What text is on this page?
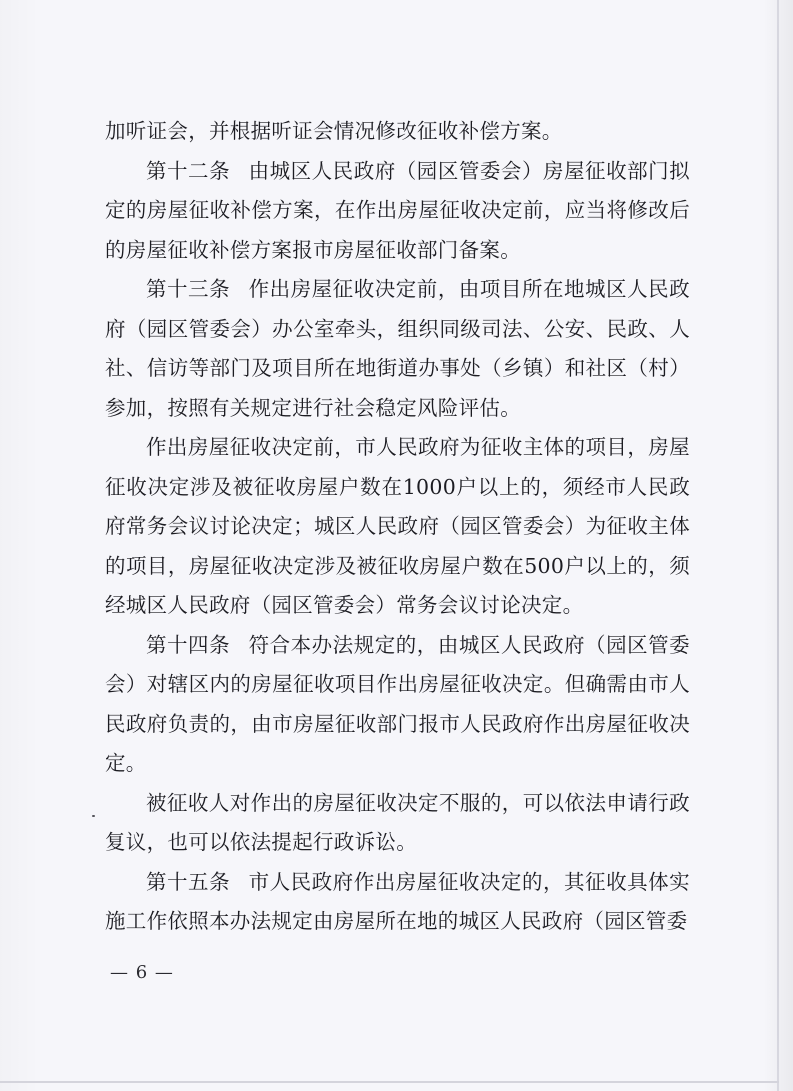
加听证会，并根据听证会情况修改征收补偿方案。

第十二条 由城区人民政府（园区管委会）房屋征收部门拟定的房屋征收补偿方案，在作出房屋征收决定前，应当将修改后的房屋征收补偿方案报市房屋征收部门备案。

第十三条 作出房屋征收决定前，由项目所在地城区人民政府（园区管委会）办公室牵头，组织同级司法、公安、民政、人社、信访等部门及项目所在地街道办事处（乡镇）和社区（村）参加，按照有关规定进行社会稳定风险评估。

作出房屋征收决定前，市人民政府为征收主体的项目，房屋征收决定涉及被征收房屋户数在1000户以上的，须经市人民政府常务会议讨论决定；城区人民政府（园区管委会）为征收主体的项目，房屋征收决定涉及被征收房屋户数在500户以上的，须经城区人民政府（园区管委会）常务会议讨论决定。

第十四条 符合本办法规定的，由城区人民政府（园区管委会）对辖区内的房屋征收项目作出房屋征收决定。但确需由市人民政府负责的，由市房屋征收部门报市人民政府作出房屋征收决定。

被征收人对作出的房屋征收决定不服的，可以依法申请行政复议，也可以依法提起行政诉讼。

第十五条 市人民政府作出房屋征收决定的，其征收具体实施工作依照本办法规定由房屋所在地的城区人民政府（园区管委

— 6 —
